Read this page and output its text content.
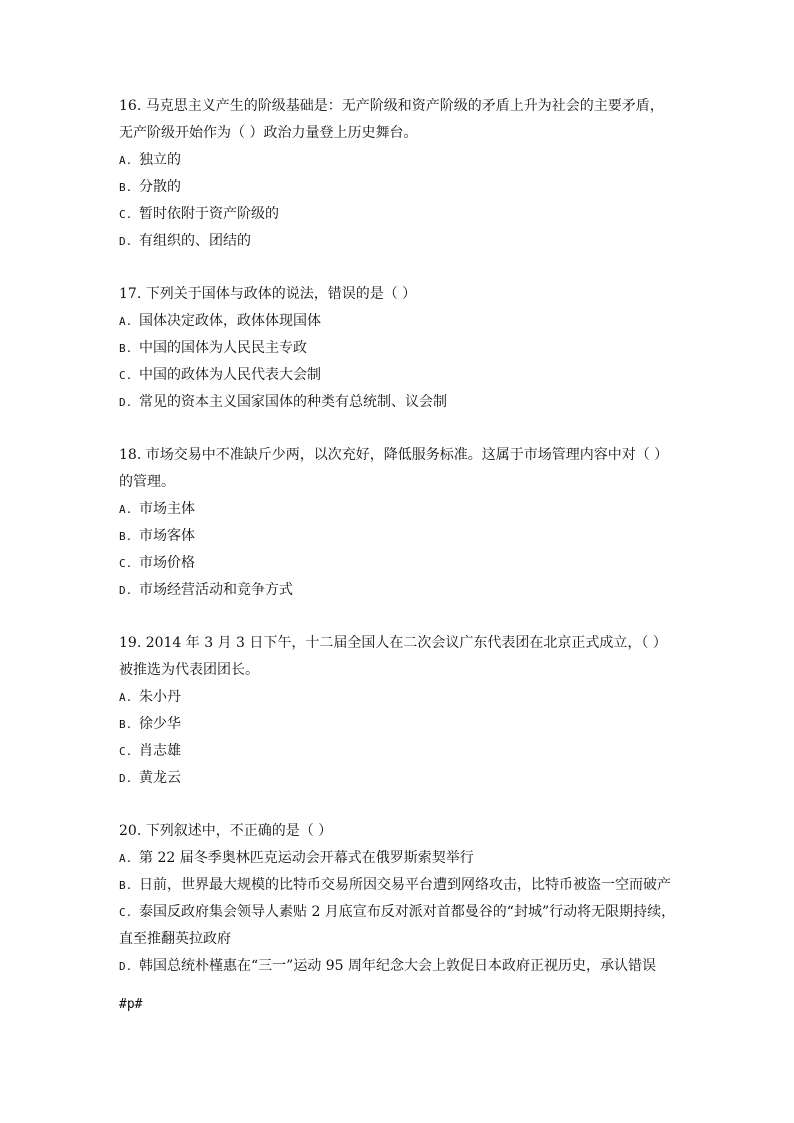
16. 马克思主义产生的阶级基础是：无产阶级和资产阶级的矛盾上升为社会的主要矛盾，
无产阶级开始作为（ ）政治力量登上历史舞台。
A. 独立的
B. 分散的
C. 暂时依附于资产阶级的
D. 有组织的、团结的
17. 下列关于国体与政体的说法，错误的是（ ）
A. 国体决定政体，政体体现国体
B. 中国的国体为人民民主专政
C. 中国的政体为人民代表大会制
D. 常见的资本主义国家国体的种类有总统制、议会制
18. 市场交易中不准缺斤少两，以次充好，降低服务标准。这属于市场管理内容中对（ ）
的管理。
A. 市场主体
B. 市场客体
C. 市场价格
D. 市场经营活动和竞争方式
19. 2014 年 3 月 3 日下午，十二届全国人在二次会议广东代表团在北京正式成立，（ ）
被推选为代表团团长。
A. 朱小丹
B. 徐少华
C. 肖志雄
D. 黄龙云
20. 下列叙述中，不正确的是（ ）
A. 第 22 届冬季奥林匹克运动会开幕式在俄罗斯索契举行
B. 日前，世界最大规模的比特币交易所因交易平台遭到网络攻击，比特币被盗一空而破产
C. 泰国反政府集会领导人素贴 2 月底宣布反对派对首都曼谷的“封城”行动将无限期持续，
直至推翻英拉政府
D. 韩国总统朴槿惠在“三一”运动 95 周年纪念大会上敦促日本政府正视历史，承认错误
#p#
